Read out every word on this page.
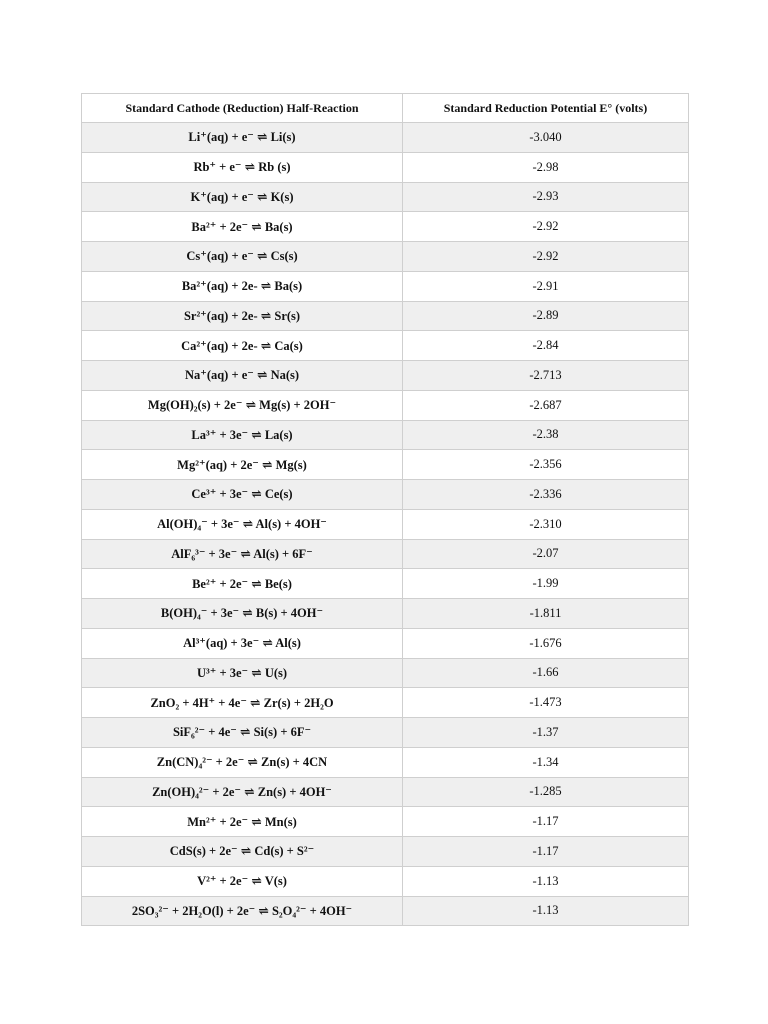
Standard Cathode (Reduction) Half-Reaction	Standard Reduction Potential E° (volts)
Li⁺(aq) + e⁻ ⇌ Li(s)	-3.040
Rb⁺ + e⁻ ⇌ Rb (s)	-2.98
K⁺(aq) + e⁻ ⇌ K(s)	-2.93
Ba²⁺ + 2e⁻ ⇌ Ba(s)	-2.92
Cs⁺(aq) + e⁻ ⇌ Cs(s)	-2.92
Ba²⁺(aq) + 2e- ⇌ Ba(s)	-2.91
Sr²⁺(aq) + 2e- ⇌ Sr(s)	-2.89
Ca²⁺(aq) + 2e- ⇌ Ca(s)	-2.84
Na⁺(aq) + e⁻ ⇌ Na(s)	-2.713
Mg(OH)₂(s) + 2e⁻ ⇌ Mg(s) + 2OH⁻	-2.687
La³⁺ + 3e⁻ ⇌ La(s)	-2.38
Mg²⁺(aq) + 2e⁻ ⇌ Mg(s)	-2.356
Ce³⁺ + 3e⁻ ⇌ Ce(s)	-2.336
Al(OH)₄⁻ + 3e⁻ ⇌ Al(s) + 4OH⁻	-2.310
AlF₆³⁻ + 3e⁻ ⇌ Al(s) + 6F⁻	-2.07
Be²⁺ + 2e⁻ ⇌ Be(s)	-1.99
B(OH)₄⁻ + 3e⁻ ⇌ B(s) + 4OH⁻	-1.811
Al³⁺(aq) + 3e⁻ ⇌ Al(s)	-1.676
U³⁺ + 3e⁻ ⇌ U(s)	-1.66
ZnO₂ + 4H⁺ + 4e⁻ ⇌ Zr(s) + 2H₂O	-1.473
SiF₆²⁻ + 4e⁻ ⇌ Si(s) + 6F⁻	-1.37
Zn(CN)₄²⁻ + 2e⁻ ⇌ Zn(s) + 4CN	-1.34
Zn(OH)₄²⁻ + 2e⁻ ⇌ Zn(s) + 4OH⁻	-1.285
Mn²⁺ + 2e⁻ ⇌ Mn(s)	-1.17
CdS(s) + 2e⁻ ⇌ Cd(s) + S²⁻	-1.17
V²⁺ + 2e⁻ ⇌ V(s)	-1.13
2SO₃²⁻ + 2H₂O(l) + 2e⁻ ⇌ S₂O₄²⁻ + 4OH⁻	-1.13
